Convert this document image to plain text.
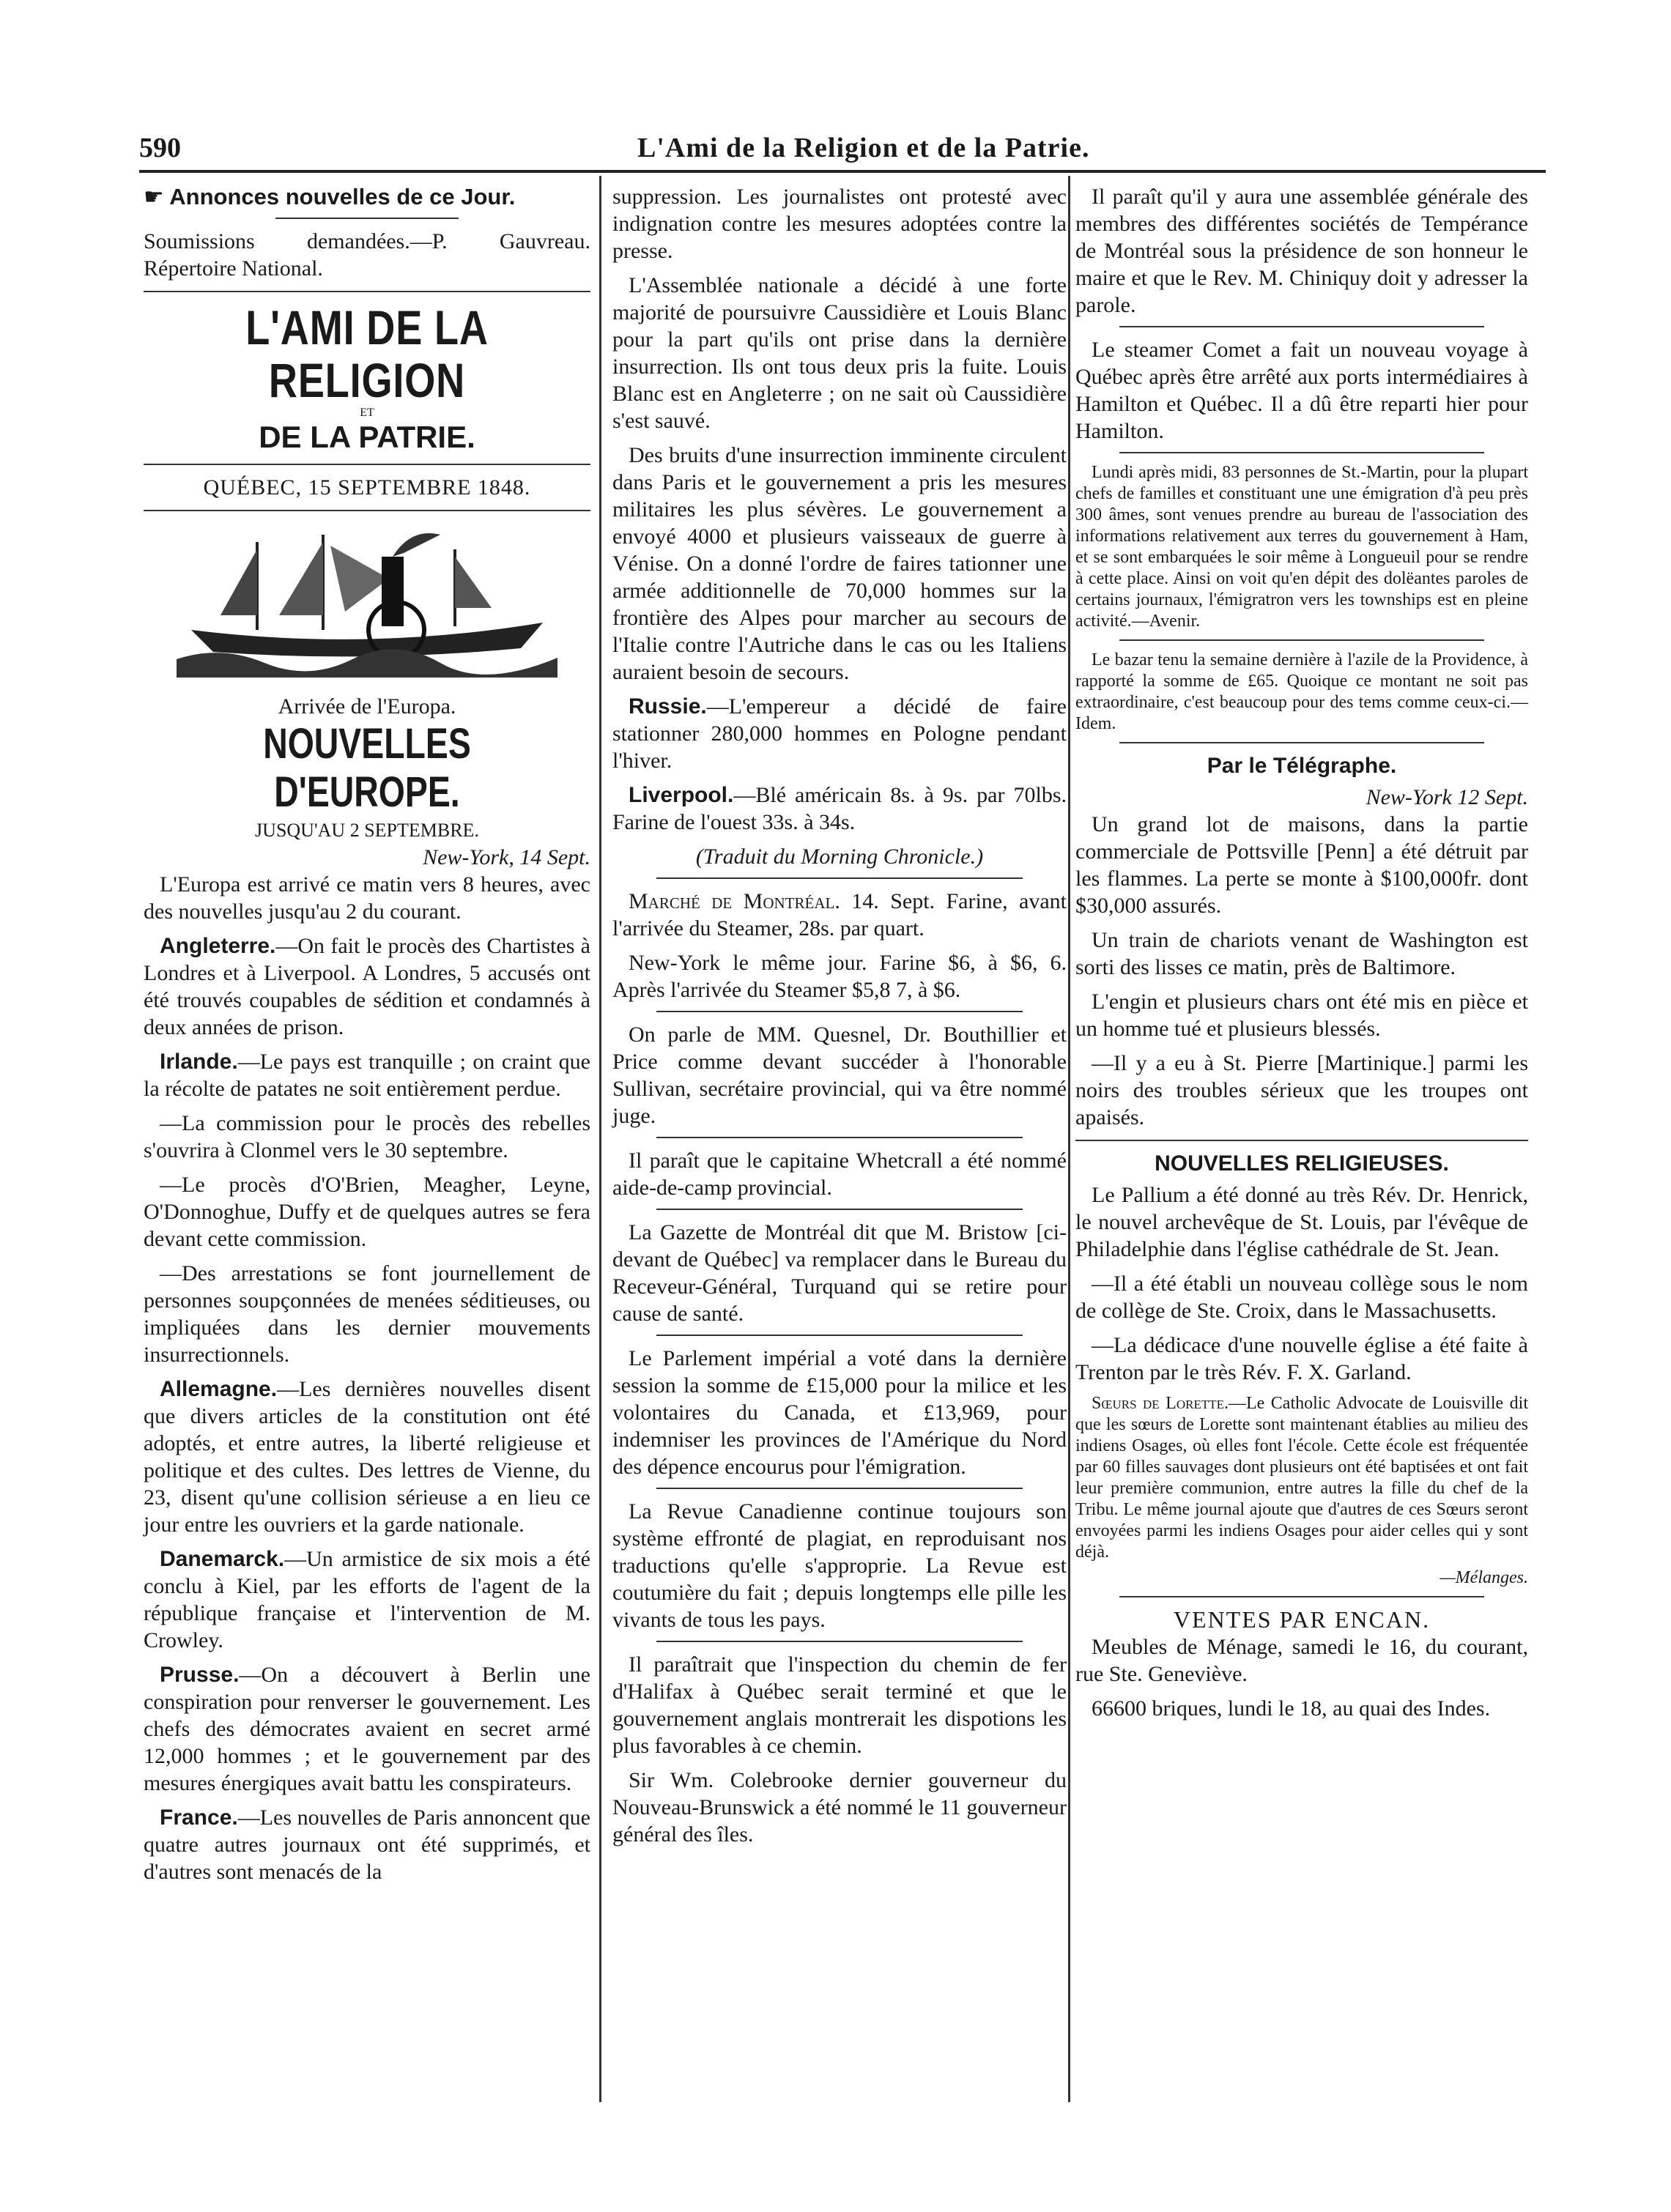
590	L'Ami de la Religion et de la Patrie.
☛ Annonces nouvelles de ce Jour.

Soumissions demandées.—P. Gauvreau. Répertoire National.

L'AMI DE LA RELIGION
ET
DE LA PATRIE.
QUÉBEC, 15 SEPTEMBRE 1848.
Arrivée de l'Europa.
NOUVELLES D'EUROPE.
JUSQU'AU 2 SEPTEMBRE.
New-York, 14 Sept.

L'Europa est arrivé ce matin vers 8 heures, avec des nouvelles jusqu'au 2 du courant.

Angleterre.—On fait le procès des Chartistes à Londres et à Liverpool. A Londres, 5 accusés ont été trouvés coupables de sédition et condamnés à deux années de prison.

Irlande.—Le pays est tranquille ; on craint que la récolte de patates ne soit entièrement perdue.

—La commission pour le procès des rebelles s'ouvrira à Clonmel vers le 30 septembre.

—Le procès d'O'Brien, Meagher, Leyne, O'Donnoghue, Duffy et de quelques autres se fera devant cette commission.

—Des arrestations se font journellement de personnes soupçonnées de menées séditieuses, ou impliquées dans les dernier mouvements insurrectionnels.

Allemagne.—Les dernières nouvelles disent que divers articles de la constitution ont été adoptés, et entre autres, la liberté religieuse et politique et des cultes. Des lettres de Vienne, du 23, disent qu'une collision sérieuse a en lieu ce jour entre les ouvriers et la garde nationale.

Danemarck.—Un armistice de six mois a été conclu à Kiel, par les efforts de l'agent de la république française et l'intervention de M. Crowley.

Prusse.—On a découvert à Berlin une conspiration pour renverser le gouvernement. Les chefs des démocrates avaient en secret armé 12,000 hommes ; et le gouvernement par des mesures énergiques avait battu les conspirateurs.

France.—Les nouvelles de Paris annoncent que quatre autres journaux ont été supprimés, et d'autres sont menacés de la

suppression. Les journalistes ont protesté avec indignation contre les mesures adoptées contre la presse.

L'Assemblée nationale a décidé à une forte majorité de poursuivre Caussidière et Louis Blanc pour la part qu'ils ont prise dans la dernière insurrection. Ils ont tous deux pris la fuite. Louis Blanc est en Angleterre ; on ne sait où Caussidière s'est sauvé.

Des bruits d'une insurrection imminente circulent dans Paris et le gouvernement a pris les mesures militaires les plus sévères. Le gouvernement a envoyé 4000 et plusieurs vaisseaux de guerre à Vénise. On a donné l'ordre de faires tationner une armée additionnelle de 70,000 hommes sur la frontière des Alpes pour marcher au secours de l'Italie contre l'Autriche dans le cas ou les Italiens auraient besoin de secours.

Russie.—L'empereur a décidé de faire stationner 280,000 hommes en Pologne pendant l'hiver.

Liverpool.—Blé américain 8s. à 9s. par 70lbs. Farine de l'ouest 33s. à 34s.

(Traduit du Morning Chronicle.)

Marché de Montréal. 14. Sept. Farine, avant l'arrivée du Steamer, 28s. par quart.

New-York le même jour. Farine $6, à $6, 6. Après l'arrivée du Steamer $5,8 7, à $6.

On parle de MM. Quesnel, Dr. Bouthillier et Price comme devant succéder à l'honorable Sullivan, secrétaire provincial, qui va être nommé juge.

Il paraît que le capitaine Whetcrall a été nommé aide-de-camp provincial.

La Gazette de Montréal dit que M. Bristow [ci-devant de Québec] va remplacer dans le Bureau du Receveur-Général, Turquand qui se retire pour cause de santé.

Le Parlement impérial a voté dans la dernière session la somme de £15,000 pour la milice et les volontaires du Canada, et £13,969, pour indemniser les provinces de l'Amérique du Nord des dépence encourus pour l'émigration.

La Revue Canadienne continue toujours son système effronté de plagiat, en reproduisant nos traductions qu'elle s'approprie. La Revue est coutumière du fait ; depuis longtemps elle pille les vivants de tous les pays.

Il paraîtrait que l'inspection du chemin de fer d'Halifax à Québec serait terminé et que le gouvernement anglais montrerait les dispotions les plus favorables à ce chemin.

Sir Wm. Colebrooke dernier gouverneur du Nouveau-Brunswick a été nommé le 11 gouverneur général des îles.

Il paraît qu'il y aura une assemblée générale des membres des différentes sociétés de Tempérance de Montréal sous la présidence de son honneur le maire et que le Rev. M. Chiniquy doit y adresser la parole.

Le steamer Comet a fait un nouveau voyage à Québec après être arrêté aux ports intermédiaires à Hamilton et Québec. Il a dû être reparti hier pour Hamilton.

Lundi après midi, 83 personnes de St.-Martin, pour la plupart chefs de familles et constituant une une émigration d'à peu près 300 âmes, sont venues prendre au bureau de l'association des informations relativement aux terres du gouvernement à Ham, et se sont embarquées le soir même à Longueuil pour se rendre à cette place. Ainsi on voit qu'en dépit des dolëantes paroles de certains journaux, l'émigratron vers les townships est en pleine activité.—Avenir.

Le bazar tenu la semaine dernière à l'azile de la Providence, à rapporté la somme de £65. Quoique ce montant ne soit pas extraordinaire, c'est beaucoup pour des tems comme ceux-ci.—Idem.

Par le Télégraphe.
New-York 12 Sept.

Un grand lot de maisons, dans la partie commerciale de Pottsville [Penn] a été détruit par les flammes. La perte se monte à $100,000fr. dont $30,000 assurés.

Un train de chariots venant de Washington est sorti des lisses ce matin, près de Baltimore.

L'engin et plusieurs chars ont été mis en pièce et un homme tué et plusieurs blessés.

—Il y a eu à St. Pierre [Martinique.] parmi les noirs des troubles sérieux que les troupes ont apaisés.

NOUVELLES RELIGIEUSES.

Le Pallium a été donné au très Rév. Dr. Henrick, le nouvel archevêque de St. Louis, par l'évêque de Philadelphie dans l'église cathédrale de St. Jean.

—Il a été établi un nouveau collège sous le nom de collège de Ste. Croix, dans le Massachusetts.

—La dédicace d'une nouvelle église a été faite à Trenton par le très Rév. F. X. Garland.

Sœurs de Lorette.—Le Catholic Advocate de Louisville dit que les sœurs de Lorette sont maintenant établies au milieu des indiens Osages, où elles font l'école. Cette école est fréquentée par 60 filles sauvages dont plusieurs ont été baptisées et ont fait leur première communion, entre autres la fille du chef de la Tribu. Le même journal ajoute que d'autres de ces Sœurs seront envoyées parmi les indiens Osages pour aider celles qui y sont déjà.

—Mélanges.
VENTES PAR ENCAN.

Meubles de Ménage, samedi le 16, du courant, rue Ste. Geneviève.

66600 briques, lundi le 18, au quai des Indes.
